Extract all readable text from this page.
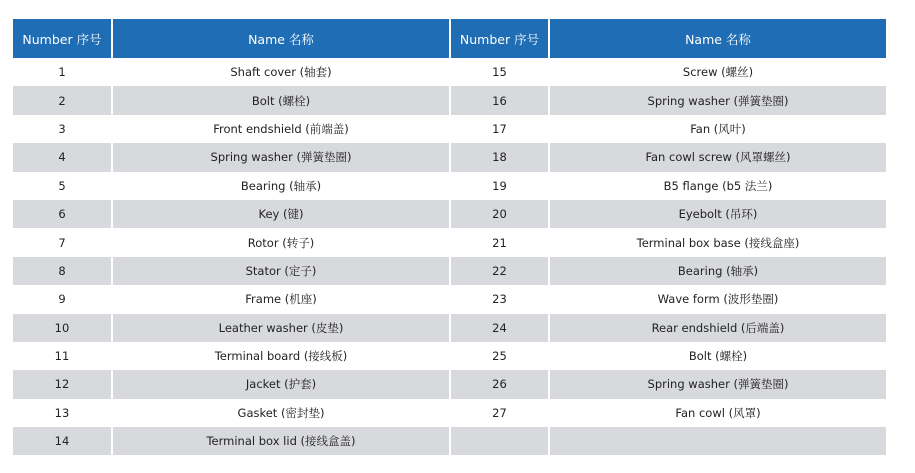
Number 序号	Name 名称	Number 序号	Name 名称
1	Shaft cover (轴套)	15	Screw (螺丝)
2	Bolt (螺栓)	16	Spring washer (弹簧垫圈)
3	Front endshield (前端盖)	17	Fan (风叶)
4	Spring washer (弹簧垫圈)	18	Fan cowl screw (风罩螺丝)
5	Bearing (轴承)	19	B5 flange (b5 法兰)
6	Key (键)	20	Eyebolt (吊环)
7	Rotor (转子)	21	Terminal box base (接线盒座)
8	Stator (定子)	22	Bearing (轴承)
9	Frame (机座)	23	Wave form (波形垫圈)
10	Leather washer (皮垫)	24	Rear endshield (后端盖)
11	Terminal board (接线板)	25	Bolt (螺栓)
12	Jacket (护套)	26	Spring washer (弹簧垫圈)
13	Gasket (密封垫)	27	Fan cowl (风罩)
14	Terminal box lid (接线盒盖)		
